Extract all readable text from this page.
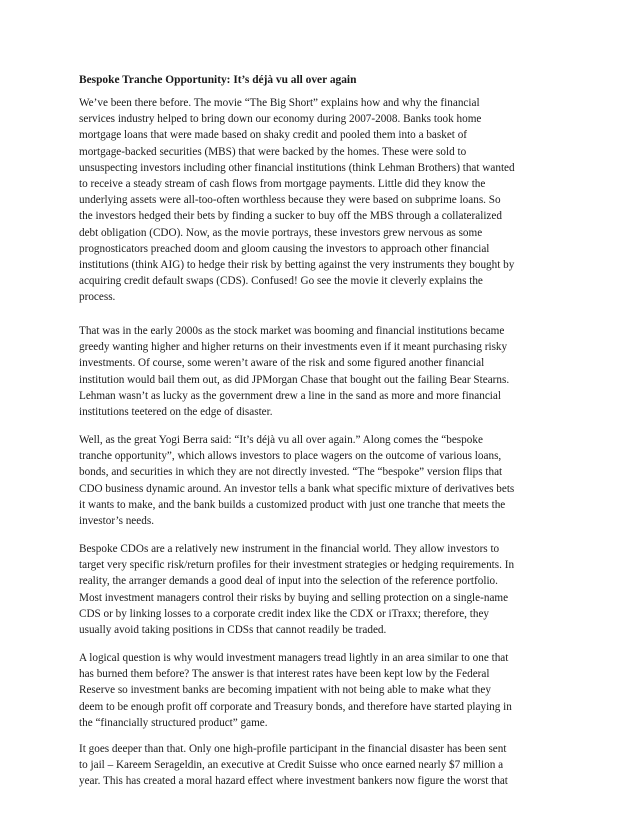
Bespoke Tranche Opportunity: It’s déjà vu all over again
We’ve been there before. The movie “The Big Short” explains how and why the financial
services industry helped to bring down our economy during 2007-2008. Banks took home
mortgage loans that were made based on shaky credit and pooled them into a basket of
mortgage-backed securities (MBS) that were backed by the homes. These were sold to
unsuspecting investors including other financial institutions (think Lehman Brothers) that wanted
to receive a steady stream of cash flows from mortgage payments. Little did they know the
underlying assets were all-too-often worthless because they were based on subprime loans. So
the investors hedged their bets by finding a sucker to buy off the MBS through a collateralized
debt obligation (CDO). Now, as the movie portrays, these investors grew nervous as some
prognosticators preached doom and gloom causing the investors to approach other financial
institutions (think AIG) to hedge their risk by betting against the very instruments they bought by
acquiring credit default swaps (CDS). Confused! Go see the movie it cleverly explains the
process.
That was in the early 2000s as the stock market was booming and financial institutions became
greedy wanting higher and higher returns on their investments even if it meant purchasing risky
investments. Of course, some weren’t aware of the risk and some figured another financial
institution would bail them out, as did JPMorgan Chase that bought out the failing Bear Stearns.
Lehman wasn’t as lucky as the government drew a line in the sand as more and more financial
institutions teetered on the edge of disaster.
Well, as the great Yogi Berra said: “It’s déjà vu all over again.” Along comes the “bespoke
tranche opportunity”, which allows investors to place wagers on the outcome of various loans,
bonds, and securities in which they are not directly invested. “The “bespoke” version flips that
CDO business dynamic around. An investor tells a bank what specific mixture of derivatives bets
it wants to make, and the bank builds a customized product with just one tranche that meets the
investor’s needs.
Bespoke CDOs are a relatively new instrument in the financial world. They allow investors to
target very specific risk/return profiles for their investment strategies or hedging requirements. In
reality, the arranger demands a good deal of input into the selection of the reference portfolio.
Most investment managers control their risks by buying and selling protection on a single-name
CDS or by linking losses to a corporate credit index like the CDX or iTraxx; therefore, they
usually avoid taking positions in CDSs that cannot readily be traded.
A logical question is why would investment managers tread lightly in an area similar to one that
has burned them before? The answer is that interest rates have been kept low by the Federal
Reserve so investment banks are becoming impatient with not being able to make what they
deem to be enough profit off corporate and Treasury bonds, and therefore have started playing in
the “financially structured product” game.
It goes deeper than that. Only one high-profile participant in the financial disaster has been sent
to jail – Kareem Serageldin, an executive at Credit Suisse who once earned nearly $7 million a
year. This has created a moral hazard effect where investment bankers now figure the worst that
